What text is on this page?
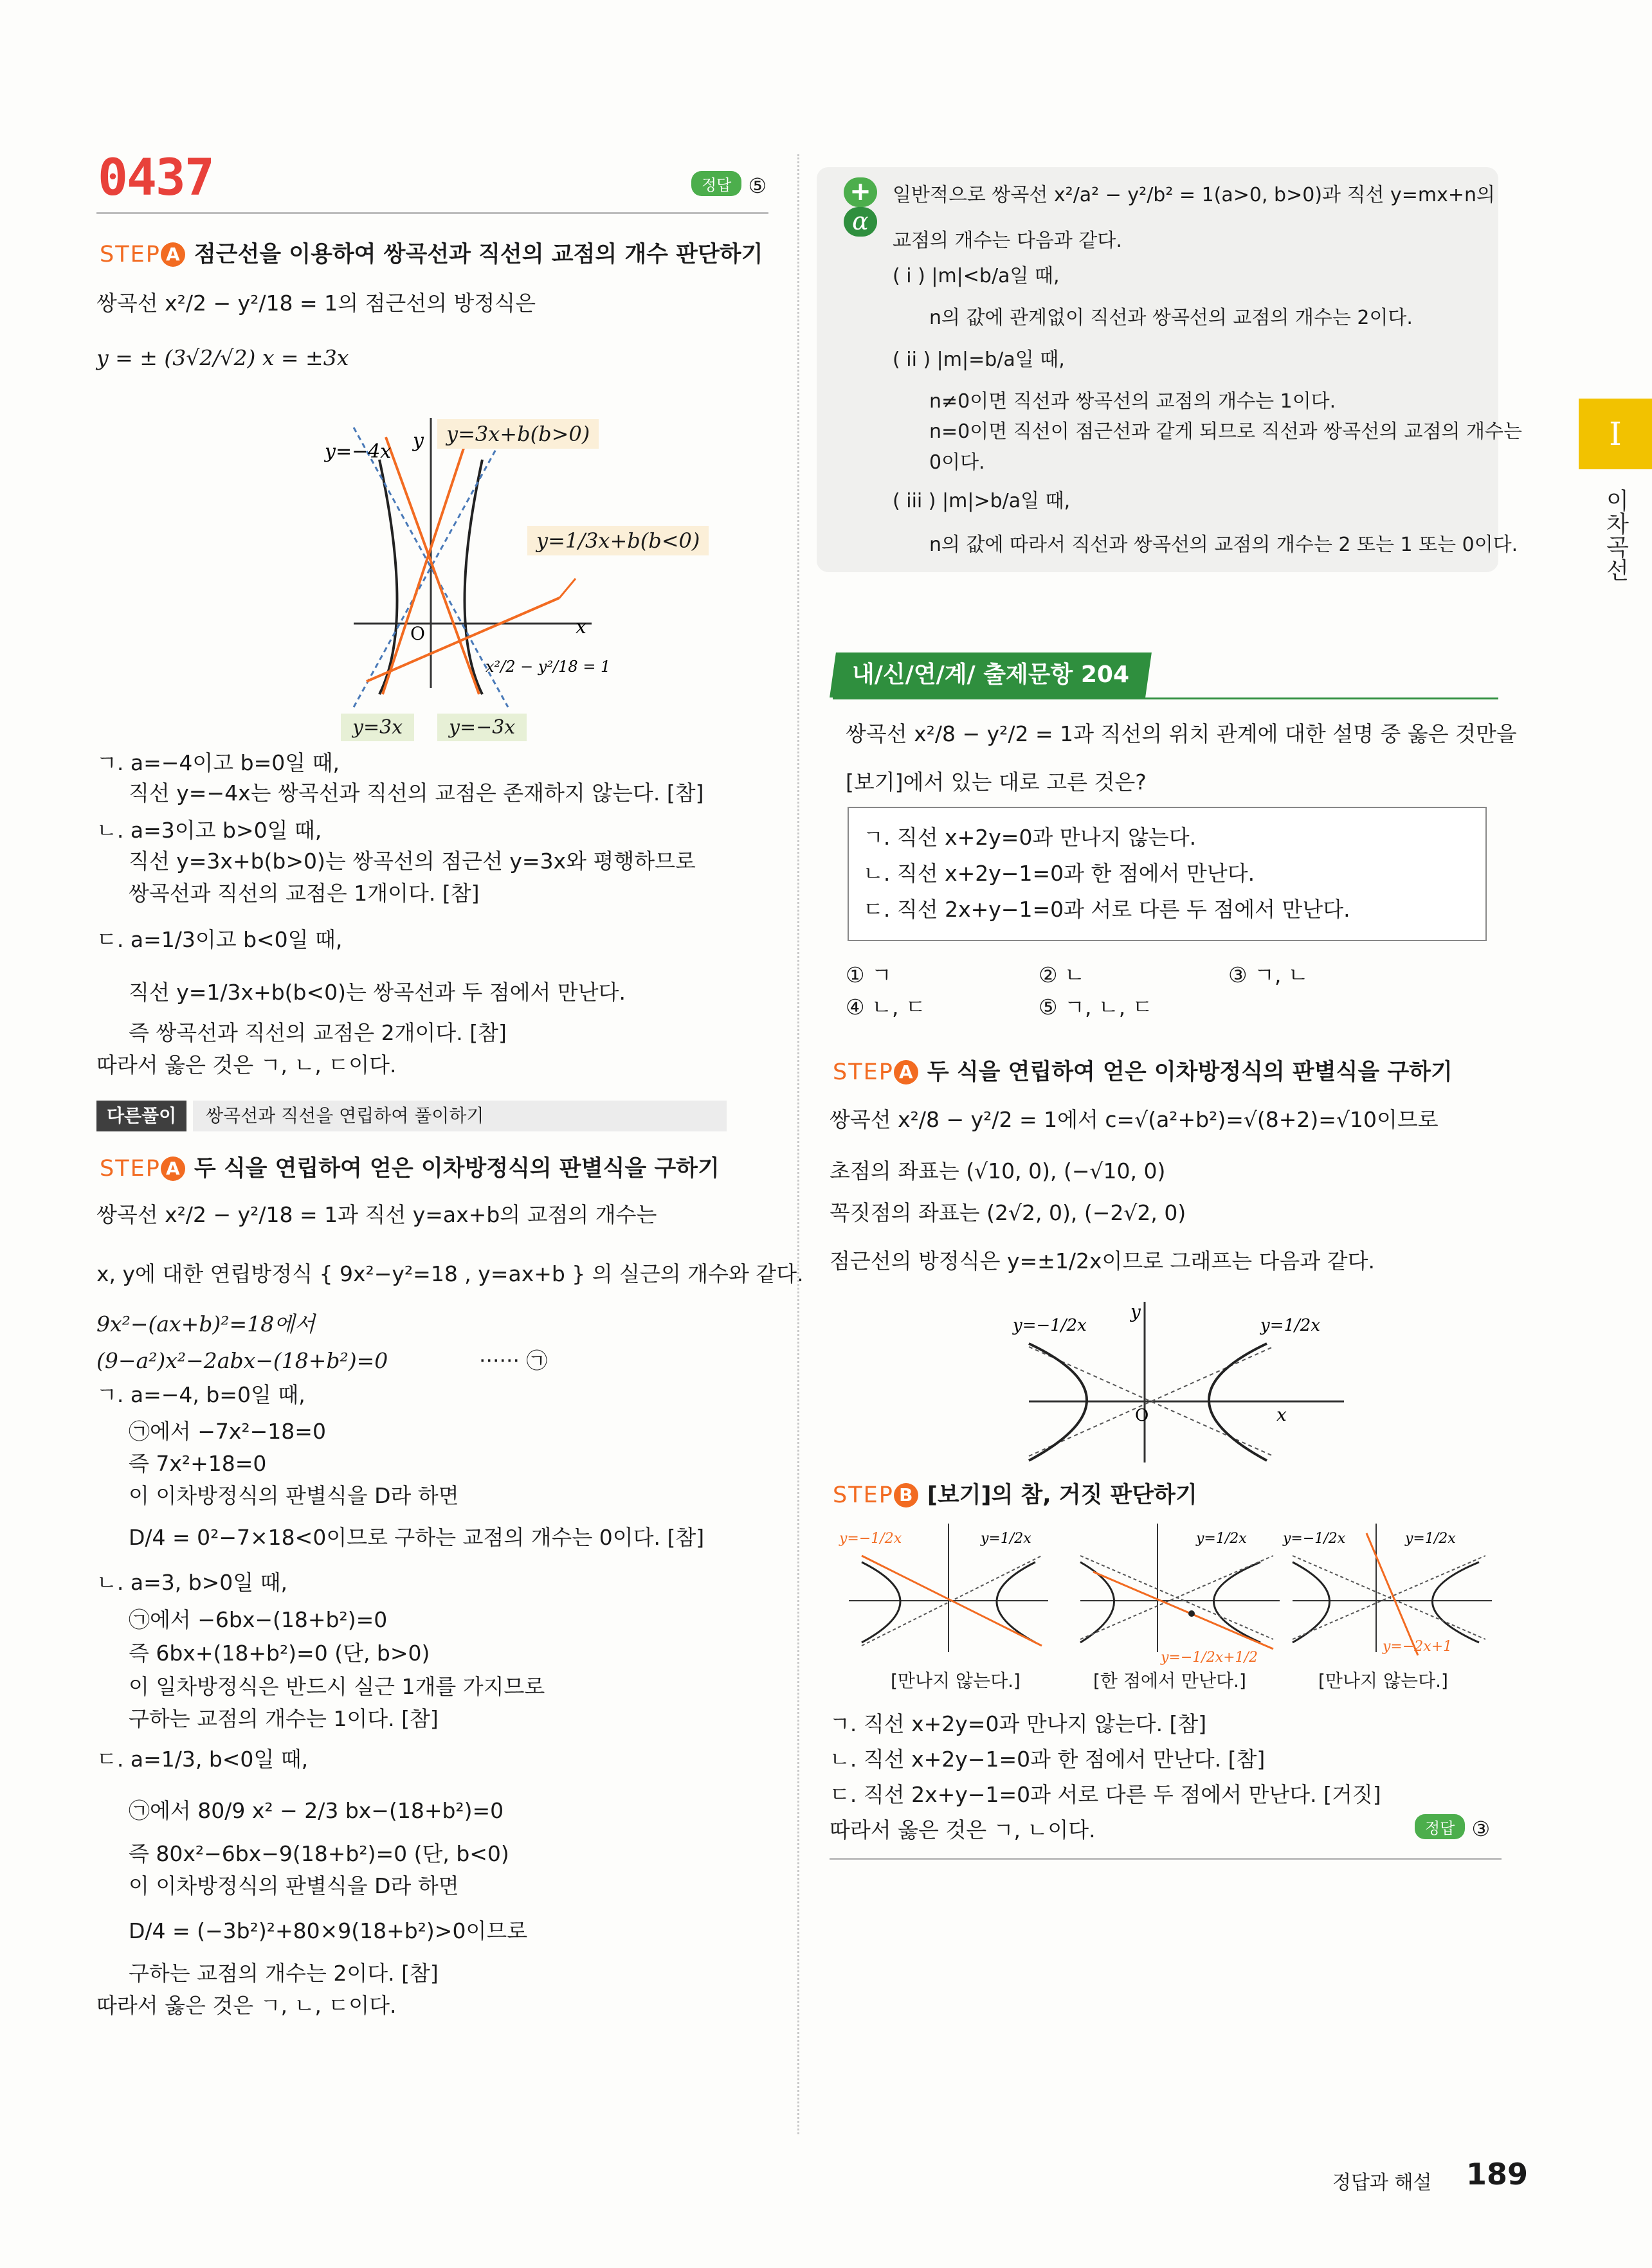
0437	정답 ⑤
STEP A 점근선을 이용하여 쌍곡선과 직선의 교점의 개수 판단하기
쌍곡선 x²/2 − y²/18 = 1의 점근선의 방정식은
y = ± (3√2/√2) x = ±3x
y
x
O
y=−4x
x²/2 − y²/18 = 1
y=3x+b(b>0)
y=1/3x+b(b<0)
y=3x	y=−3x
ㄱ. a=−4이고 b=0일 때,
직선 y=−4x는 쌍곡선과 직선의 교점은 존재하지 않는다. [참]
ㄴ. a=3이고 b>0일 때,
직선 y=3x+b(b>0)는 쌍곡선의 점근선 y=3x와 평행하므로
쌍곡선과 직선의 교점은 1개이다. [참]
ㄷ. a=1/3이고 b<0일 때,
직선 y=1/3x+b(b<0)는 쌍곡선과 두 점에서 만난다.
즉 쌍곡선과 직선의 교점은 2개이다. [참]
따라서 옳은 것은 ㄱ, ㄴ, ㄷ이다.
다른풀이	쌍곡선과 직선을 연립하여 풀이하기
STEP A 두 식을 연립하여 얻은 이차방정식의 판별식을 구하기
쌍곡선 x²/2 − y²/18 = 1과 직선 y=ax+b의 교점의 개수는
x, y에 대한 연립방정식 { 9x²−y²=18 , y=ax+b } 의 실근의 개수와 같다.
9x²−(ax+b)²=18에서
(9−a²)x²−2abx−(18+b²)=0	······ ㉠
ㄱ. a=−4, b=0일 때,
㉠에서 −7x²−18=0
즉 7x²+18=0
이 이차방정식의 판별식을 D라 하면
D/4 = 0²−7×18<0이므로 구하는 교점의 개수는 0이다. [참]
ㄴ. a=3, b>0일 때,
㉠에서 −6bx−(18+b²)=0
즉 6bx+(18+b²)=0 (단, b>0)
이 일차방정식은 반드시 실근 1개를 가지므로
구하는 교점의 개수는 1이다. [참]
ㄷ. a=1/3, b<0일 때,
㉠에서 80/9 x² − 2/3 bx−(18+b²)=0
즉 80x²−6bx−9(18+b²)=0 (단, b<0)
이 이차방정식의 판별식을 D라 하면
D/4 = (−3b²)²+80×9(18+b²)>0이므로
구하는 교점의 개수는 2이다. [참]
따라서 옳은 것은 ㄱ, ㄴ, ㄷ이다.
+
α
일반적으로 쌍곡선 x²/a² − y²/b² = 1(a>0, b>0)과 직선 y=mx+n의
교점의 개수는 다음과 같다.
( i ) |m|<b/a일 때,
n의 값에 관계없이 직선과 쌍곡선의 교점의 개수는 2이다.
( ii ) |m|=b/a일 때,
n≠0이면 직선과 쌍곡선의 교점의 개수는 1이다.
n=0이면 직선이 점근선과 같게 되므로 직선과 쌍곡선의 교점의 개수는
0이다.
( iii ) |m|>b/a일 때,
n의 값에 따라서 직선과 쌍곡선의 교점의 개수는 2 또는 1 또는 0이다.
I
이차곡선
내/신/연/계/ 출제문항 204
쌍곡선 x²/8 − y²/2 = 1과 직선의 위치 관계에 대한 설명 중 옳은 것만을
[보기]에서 있는 대로 고른 것은?
ㄱ. 직선 x+2y=0과 만나지 않는다.
ㄴ. 직선 x+2y−1=0과 한 점에서 만난다.
ㄷ. 직선 2x+y−1=0과 서로 다른 두 점에서 만난다.
① ㄱ	② ㄴ	③ ㄱ, ㄴ
④ ㄴ, ㄷ	⑤ ㄱ, ㄴ, ㄷ
STEP A 두 식을 연립하여 얻은 이차방정식의 판별식을 구하기
쌍곡선 x²/8 − y²/2 = 1에서 c=√(a²+b²)=√(8+2)=√10이므로
초점의 좌표는 (√10, 0), (−√10, 0)
꼭짓점의 좌표는 (2√2, 0), (−2√2, 0)
점근선의 방정식은 y=±1/2x이므로 그래프는 다음과 같다.
y=−1/2x	y=1/2x
y
x
O
STEP B [보기]의 참, 거짓 판단하기
y=−1/2x	y=1/2x	y=1/2x
y=−1/2x+1/2
y=−1/2x	y=1/2x
y=−2x+1
[만나지 않는다.]	[한 점에서 만난다.]	[만나지 않는다.]
ㄱ. 직선 x+2y=0과 만나지 않는다. [참]
ㄴ. 직선 x+2y−1=0과 한 점에서 만난다. [참]
ㄷ. 직선 2x+y−1=0과 서로 다른 두 점에서 만난다. [거짓]
따라서 옳은 것은 ㄱ, ㄴ이다.	정답 ③
정답과 해설 189
